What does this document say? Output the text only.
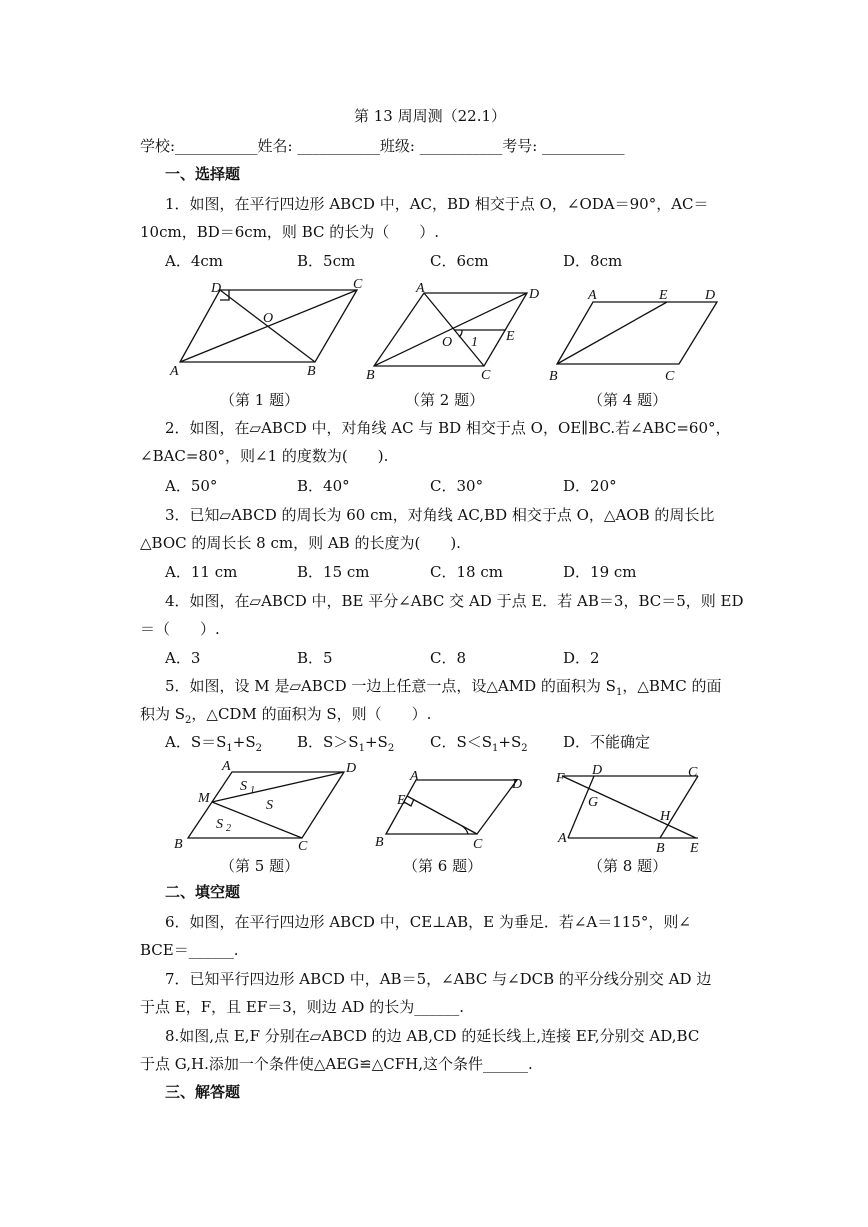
第 13 周周测（22.1）
学校:___________姓名: ___________班级: ___________考号: ___________
一、选择题
1．如图，在平行四边形 ABCD 中，AC，BD 相交于点 O，∠ODA＝90°，AC＝
10cm，BD＝6cm，则 BC 的长为（　　）.
A．4cm	B．5cm	C．6cm	D．8cm
D	C
O
A	B
（第 1 题）
A	D
O 1 E
B	C
（第 2 题）
A	E	D
B	C
（第 4 题）
2．如图，在▱ABCD 中，对角线 AC 与 BD 相交于点 O，OE∥BC.若∠ABC=60°，
∠BAC=80°，则∠1 的度数为(　　).
A．50°	B．40°	C．30°	D．20°
3．已知▱ABCD 的周长为 60 cm，对角线 AC,BD 相交于点 O，△AOB 的周长比
△BOC 的周长长 8 cm，则 AB 的长度为(　　).
A．11 cm	B．15 cm	C．18 cm	D．19 cm
4．如图，在▱ABCD 中，BE 平分∠ABC 交 AD 于点 E．若 AB＝3，BC＝5，则 ED
＝（　　）.
A．3	B．5	C．8	D．2
5．如图，设 M 是▱ABCD 一边上任意一点，设△AMD 的面积为 $S_1$，△BMC 的面
积为 $S_2$，△CDM 的面积为 S，则（　　）.
A．$S=S_1+S_2$ B．$S>S_1+S_2$ C．$S<S_1+S_2$ D．不能确定
A	D
M
S 1
S
S 2
B	C
（第 5 题）
A
D
E
B	C
（第 6 题）
F
D	C
G
H
A
B E
（第 8 题）
二、填空题
6．如图，在平行四边形 ABCD 中，CE⊥AB，E 为垂足．若∠A＝115°，则∠
BCE＝______.
7．已知平行四边形 ABCD 中，AB＝5，∠ABC 与∠DCB 的平分线分别交 AD 边
于点 E，F，且 EF＝3，则边 AD 的长为______.
8.如图,点 E,F 分别在▱ABCD 的边 AB,CD 的延长线上,连接 EF,分别交 AD,BC
于点 G,H.添加一个条件使△AEG≌△CFH,这个条件______.
三、解答题
